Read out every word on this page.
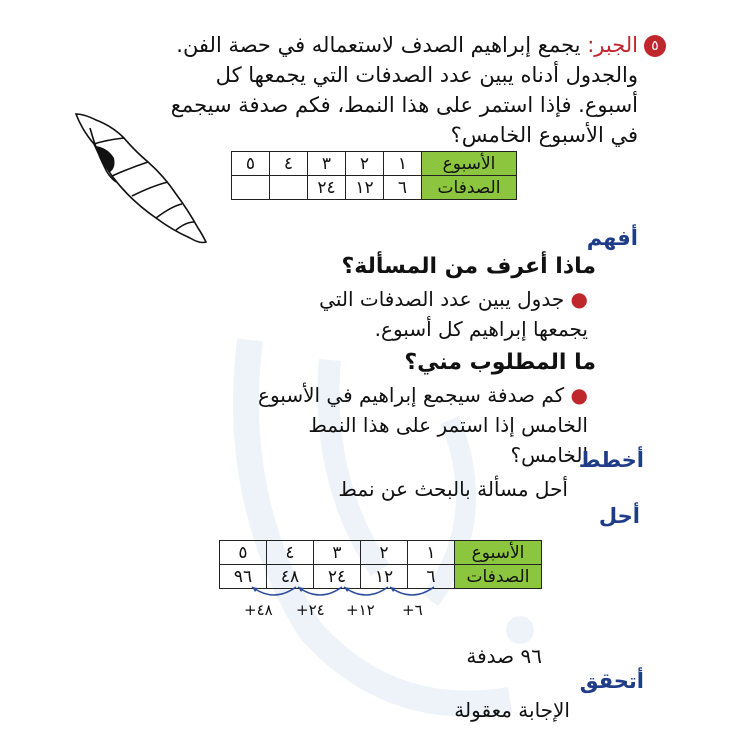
٥
الجبر: يجمع إبراهيم الصدف لاستعماله في حصة الفن. والجدول أدناه يبين عدد الصدفات التي يجمعها كل أسبوع. فإذا استمر على هذا النمط، فكم صدفة سيجمع في الأسبوع الخامس؟
الأسبوع	١	٢	٣	٤	٥
الصدفات	٦	١٢	٢٤		
أفهم
ماذا أعرف من المسألة؟
● جدول يبين عدد الصدفات التي يجمعها إبراهيم كل أسبوع.
ما المطلوب مني؟
● كم صدفة سيجمع إبراهيم في الأسبوع الخامس إذا استمر على هذا النمط الخامس؟
أخطط
أحل مسألة بالبحث عن نمط
أحل
الأسبوع	١	٢	٣	٤	٥
الصدفات	٦	١٢	٢٤	٤٨	٩٦
+٦
+١٢
+٢٤
+٤٨
٩٦ صدفة
أتحقق
الإجابة معقولة
